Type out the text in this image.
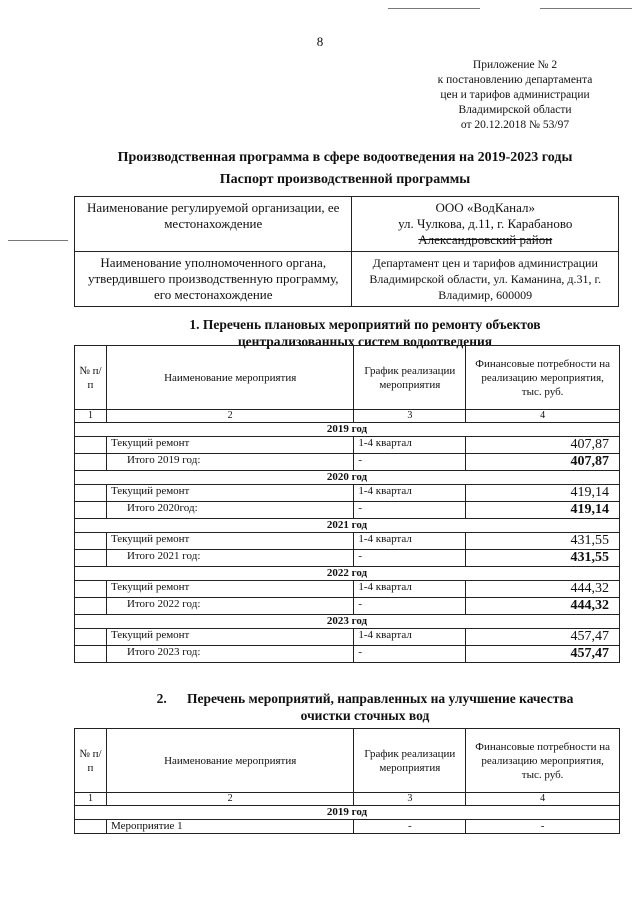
8
Приложение № 2
к постановлению департамента
цен и тарифов администрации
Владимирской области
от 20.12.2018 № 53/97
Производственная программа в сфере водоотведения на 2019-2023 годы
Паспорт производственной программы
Наименование регулируемой организации, ее местонахождение	ООО «ВодКанал»
ул. Чулкова, д.11, г. Карабаново
Александровский район

Наименование уполномоченного органа, утвердившего производственную программу, его местонахождение	Департамент цен и тарифов администрации Владимирской области, ул. Каманина, д.31, г. Владимир, 600009
1. Перечень плановых мероприятий по ремонту объектов
централизованных систем водоотведения
№ п/п	Наименование мероприятия	График реализации мероприятия	Финансовые потребности на реализацию мероприятия, тыс. руб.
1	2	3	4
2019 год			
	Текущий ремонт	1-4 квартал	407,87
	Итого 2019 год:	-	407,87
2020 год			
	Текущий ремонт	1-4 квартал	419,14
	Итого 2020год:	-	419,14
2021 год			
	Текущий ремонт	1-4 квартал	431,55
	Итого 2021 год:	-	431,55
2022 год			
	Текущий ремонт	1-4 квартал	444,32
	Итого 2022 год:	-	444,32
2023 год			
	Текущий ремонт	1-4 квартал	457,47
	Итого 2023 год:	-	457,47
2.      Перечень мероприятий, направленных на улучшение качества
очистки сточных вод
№ п/п	Наименование мероприятия	График реализации мероприятия	Финансовые потребности на реализацию мероприятия, тыс. руб.
1	2	3	4
2019 год			
	Мероприятие 1	-	-
